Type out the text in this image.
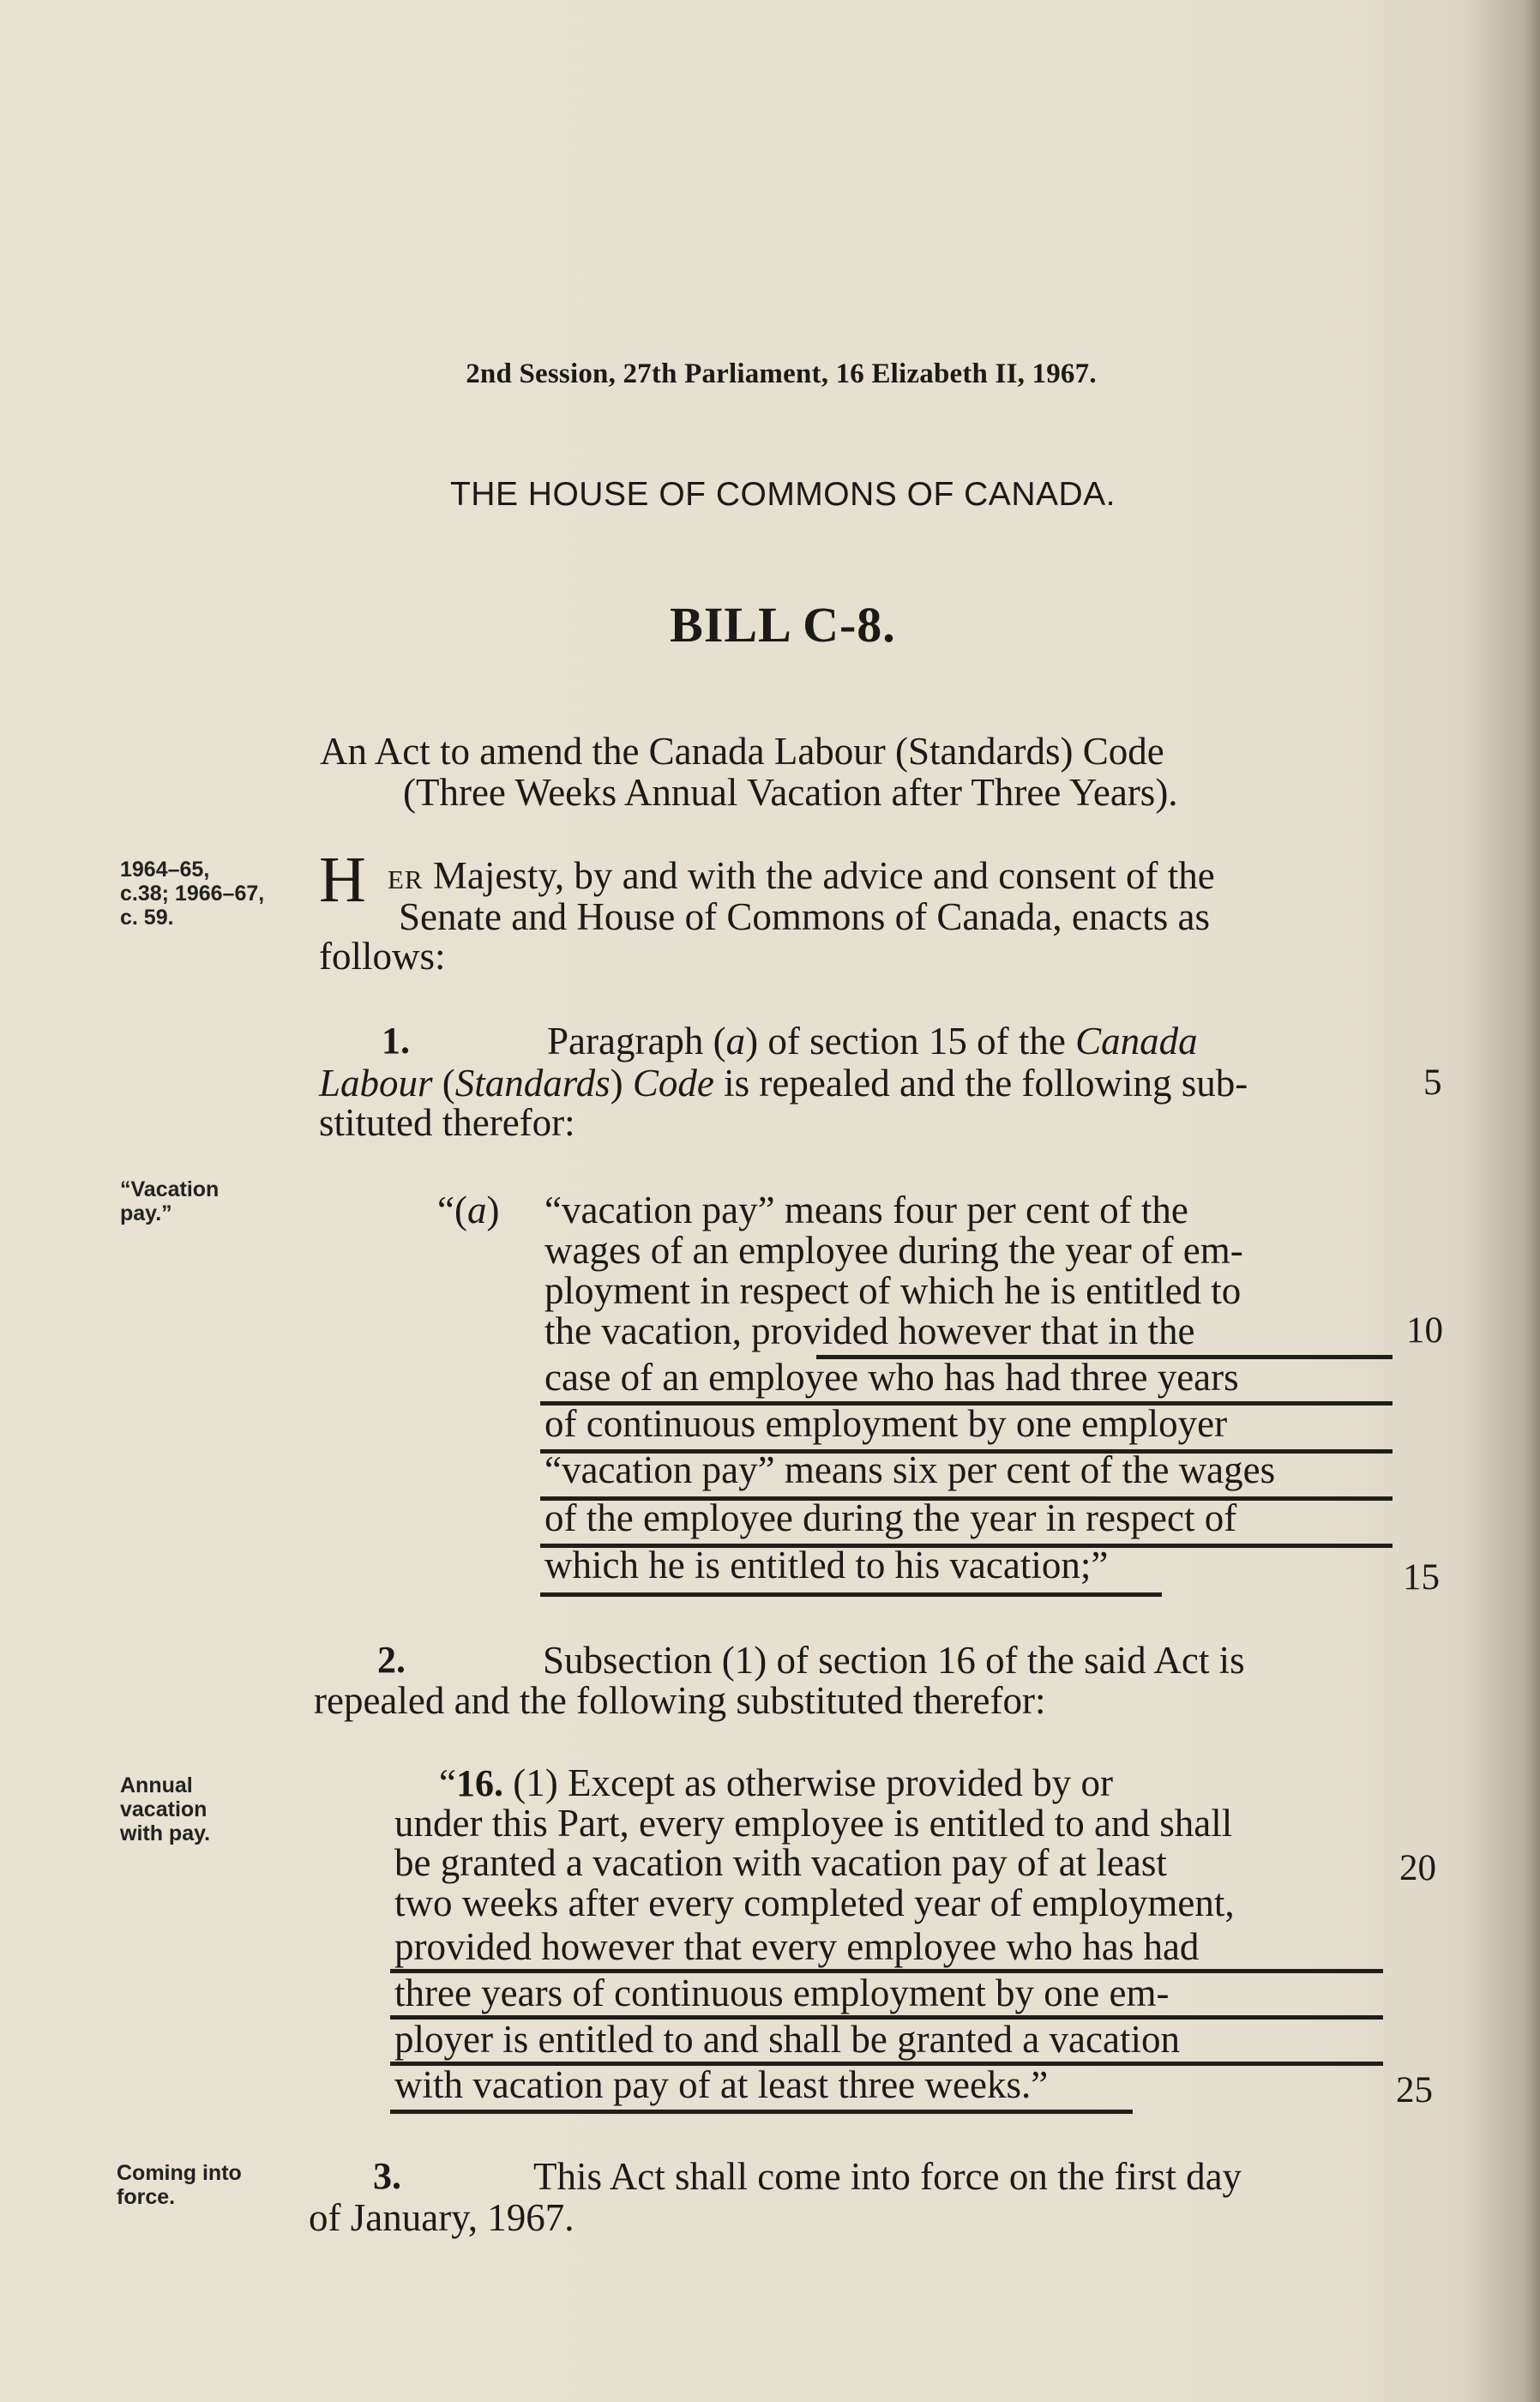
2nd Session, 27th Parliament, 16 Elizabeth II, 1967.
THE HOUSE OF COMMONS OF CANADA.
BILL C-8.
An Act to amend the Canada Labour (Standards) Code
(Three Weeks Annual Vacation after Three Years).
1964–65,
c.38; 1966–67,
c. 59.
H ER Majesty, by and with the advice and consent of the
Senate and House of Commons of Canada, enacts as
follows:
1.	Paragraph (a) of section 15 of the Canada
Labour (Standards) Code is repealed and the following sub-	5
stituted therefor:
“Vacation
pay.”	“(a) “vacation pay” means four per cent of the
wages of an employee during the year of em-
ployment in respect of which he is entitled to
the vacation, provided however that in the	10
case of an employee who has had three years
of continuous employment by one employer
“vacation pay” means six per cent of the wages
of the employee during the year in respect of
which he is entitled to his vacation;”	15
2.	Subsection (1) of section 16 of the said Act is
repealed and the following substituted therefor:
Annual
vacation
with pay.
“16. (1) Except as otherwise provided by or
under this Part, every employee is entitled to and shall
be granted a vacation with vacation pay of at least	20
two weeks after every completed year of employment,
provided however that every employee who has had
three years of continuous employment by one em-
ployer is entitled to and shall be granted a vacation
with vacation pay of at least three weeks.”	25
Coming into
force.	3.	This Act shall come into force on the first day
of January, 1967.
